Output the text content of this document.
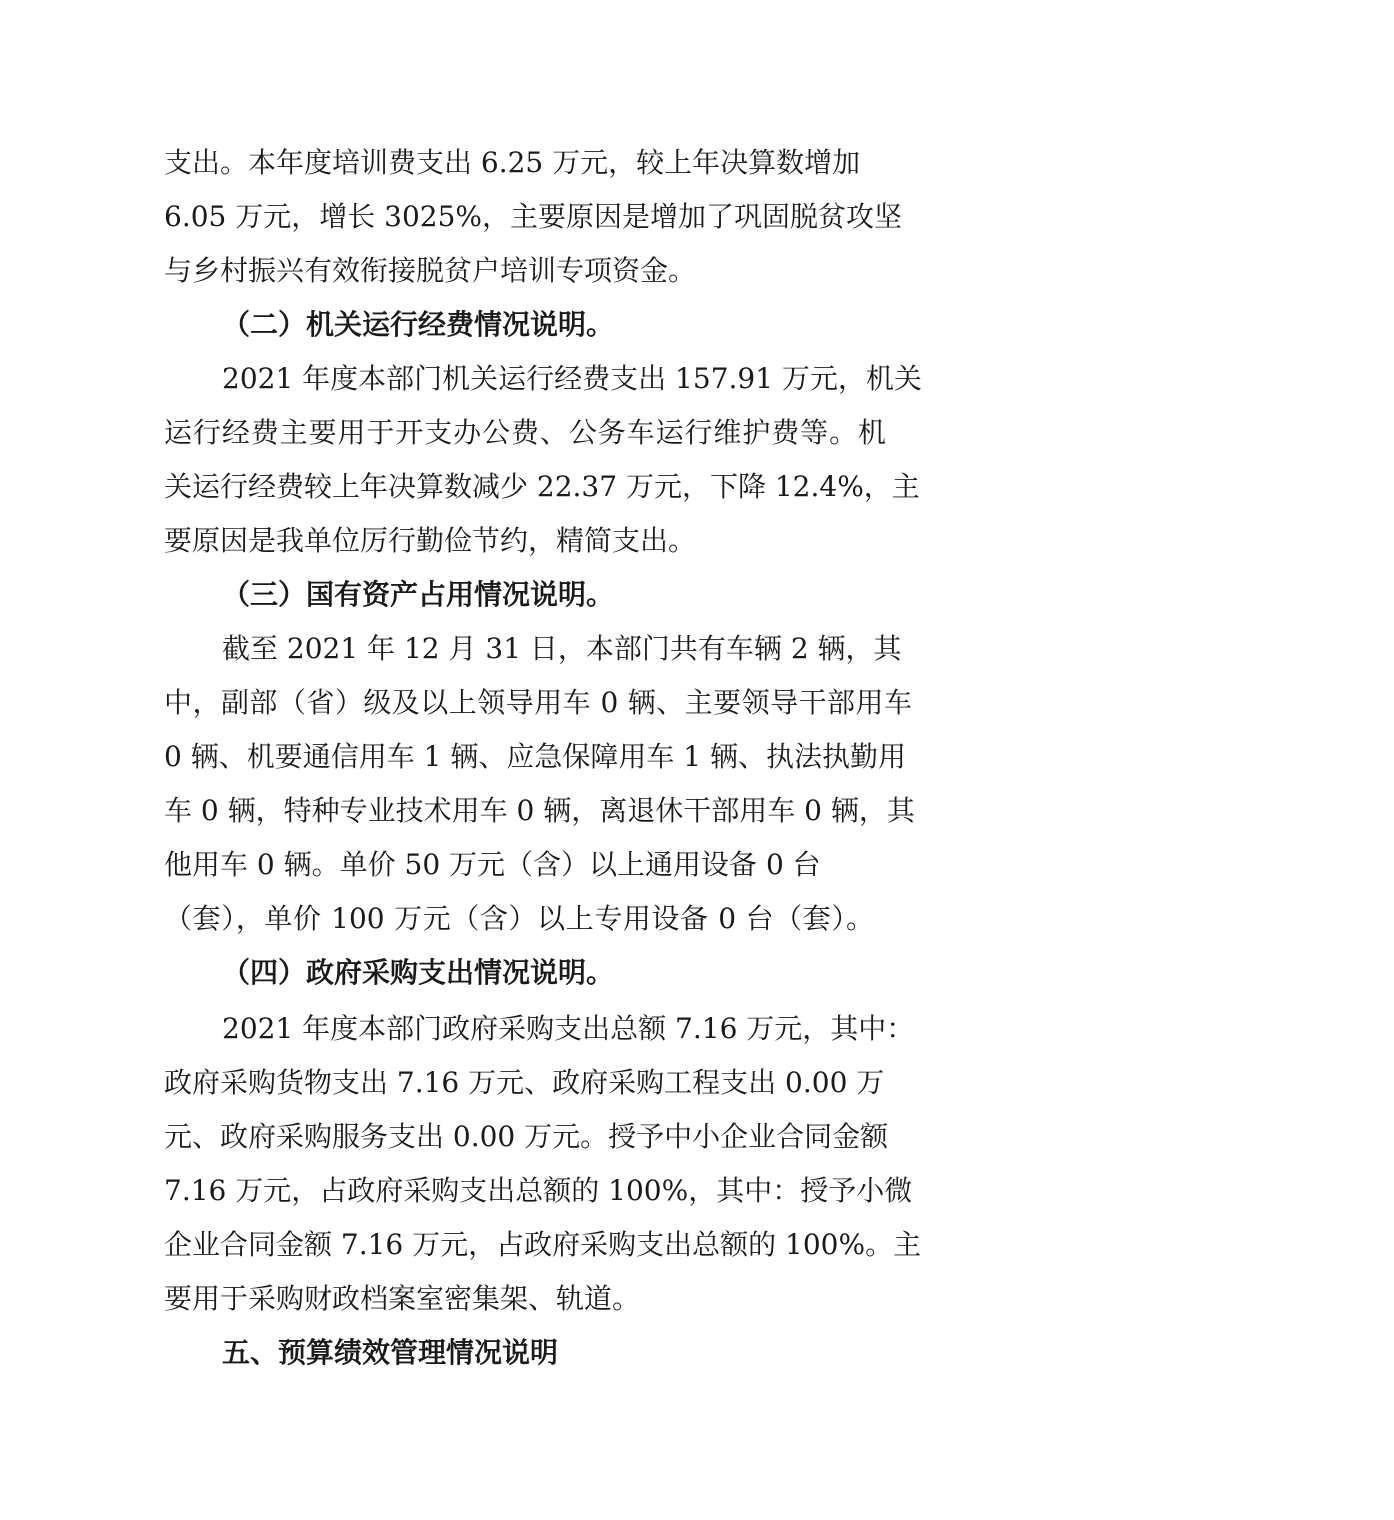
支出。本年度培训费支出 6.25 万元，较上年决算数增加
6.05 万元，增长 3025%，主要原因是增加了巩固脱贫攻坚
与乡村振兴有效衔接脱贫户培训专项资金。
（二）机关运行经费情况说明。
2021 年度本部门机关运行经费支出 157.91 万元，机关
运行经费主要用于开支办公费、公务车运行维护费等。机
关运行经费较上年决算数减少 22.37 万元，下降 12.4%，主
要原因是我单位厉行勤俭节约，精简支出。
（三）国有资产占用情况说明。
截至 2021 年 12 月 31 日，本部门共有车辆 2 辆，其
中，副部（省）级及以上领导用车 0 辆、主要领导干部用车
0 辆、机要通信用车 1 辆、应急保障用车 1 辆、执法执勤用
车 0 辆，特种专业技术用车 0 辆，离退休干部用车 0 辆，其
他用车 0 辆。单价 50 万元（含）以上通用设备 0 台
（套），单价 100 万元（含）以上专用设备 0 台（套）。
（四）政府采购支出情况说明。
2021 年度本部门政府采购支出总额 7.16 万元，其中：
政府采购货物支出 7.16 万元、政府采购工程支出 0.00 万
元、政府采购服务支出 0.00 万元。授予中小企业合同金额
7.16 万元，占政府采购支出总额的 100%，其中：授予小微
企业合同金额 7.16 万元，占政府采购支出总额的 100%。主
要用于采购财政档案室密集架、轨道。
五、预算绩效管理情况说明
